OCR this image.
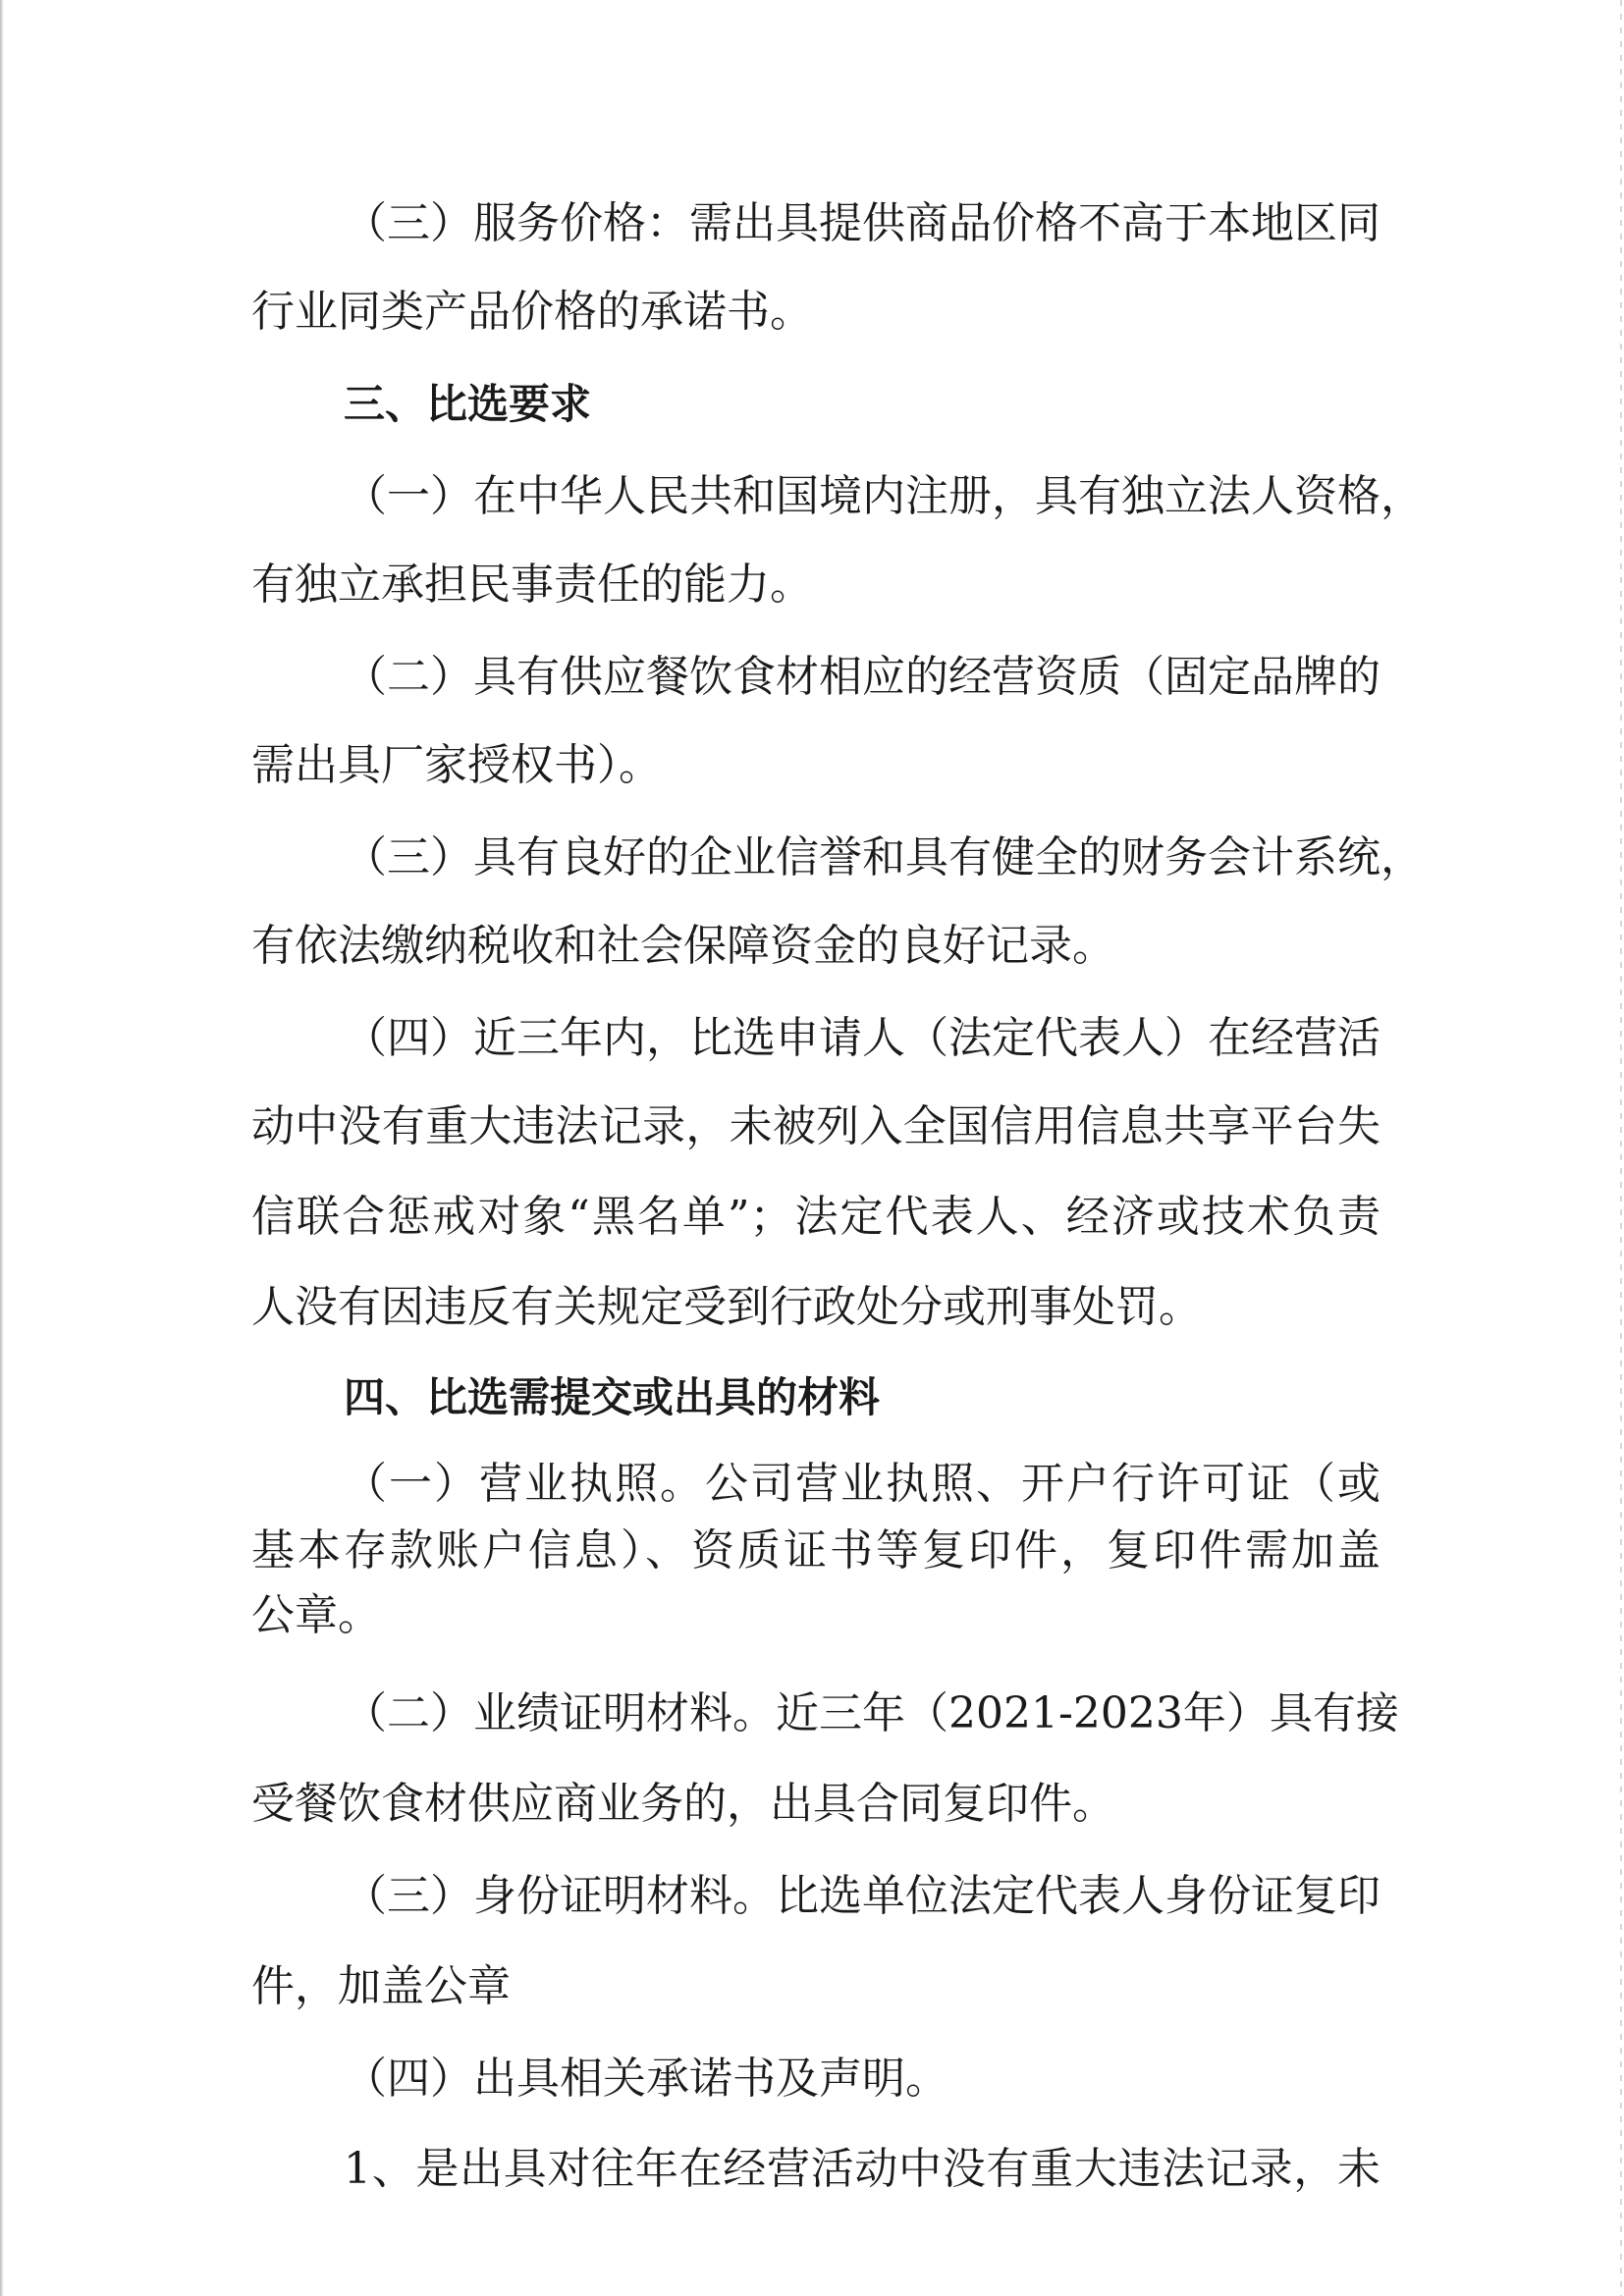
（三）服务价格：需出具提供商品价格不高于本地区同
行业同类产品价格的承诺书。
三、比选要求
（一）在中华人民共和国境内注册，具有独立法人资格，
有独立承担民事责任的能力。
（二）具有供应餐饮食材相应的经营资质（固定品牌的
需出具厂家授权书）。
（三）具有良好的企业信誉和具有健全的财务会计系统，
有依法缴纳税收和社会保障资金的良好记录。
（四）近三年内，比选申请人（法定代表人）在经营活
动中没有重大违法记录，未被列入全国信用信息共享平台失
信联合惩戒对象“黑名单”；法定代表人、经济或技术负责
人没有因违反有关规定受到行政处分或刑事处罚。
四、比选需提交或出具的材料
（一）营业执照。公司营业执照、开户行许可证（或
基本存款账户信息）、资质证书等复印件，复印件需加盖
公章。
（二）业绩证明材料。近三年（2021-2023年）具有接
受餐饮食材供应商业务的，出具合同复印件。
（三）身份证明材料。比选单位法定代表人身份证复印
件，加盖公章
（四）出具相关承诺书及声明。
1、是出具对往年在经营活动中没有重大违法记录，未
